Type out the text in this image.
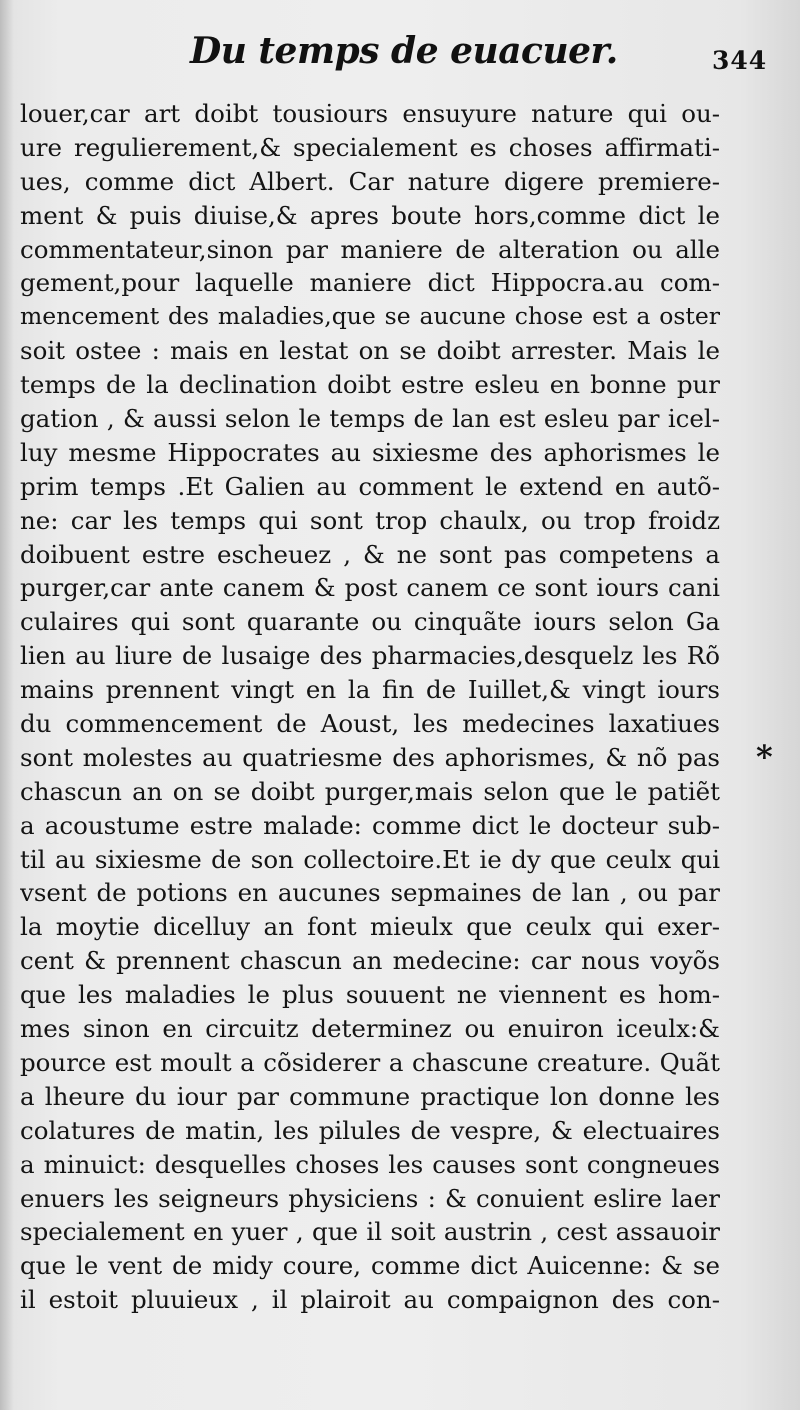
Du temps de euacuer.	344
louer,car art doibt tousiours ensuyure nature qui ou-
ure regulierement,& specialement es choses affirmati-
ues, comme dict Albert. Car nature digere premiere-
ment & puis diuise,& apres boute hors,comme dict le
commentateur,sinon par maniere de alteration ou alle
gement,pour laquelle maniere dict Hippocra.au com-
mencement des maladies,que se aucune chose est a oster
soit ostee : mais en lestat on se doibt arrester. Mais le
temps de la declination doibt estre esleu en bonne pur
gation , & aussi selon le temps de lan est esleu par icel-
luy mesme Hippocrates au sixiesme des aphorismes le
prim temps .Et Galien au comment le extend en autõ-
ne: car les temps qui sont trop chaulx, ou trop froidz
doibuent estre escheuez , & ne sont pas competens a
purger,car ante canem & post canem ce sont iours cani
culaires qui sont quarante ou cinquãte iours selon Ga
lien au liure de lusaige des pharmacies,desquelz les Rõ
mains prennent vingt en la fin de Iuillet,& vingt iours
du commencement de Aoust, les medecines laxatiues
sont molestes au quatriesme des aphorismes, & nõ pas
chascun an on se doibt purger,mais selon que le patiẽt
a acoustume estre malade: comme dict le docteur sub-
til au sixiesme de son collectoire.Et ie dy que ceulx qui
vsent de potions en aucunes sepmaines de lan , ou par
la moytie dicelluy an font mieulx que ceulx qui exer-
cent & prennent chascun an medecine: car nous voyõs
que les maladies le plus souuent ne viennent es hom-
mes sinon en circuitz determinez ou enuiron iceulx:&
pource est moult a cõsiderer a chascune creature. Quãt
a lheure du iour par commune practique lon donne les
colatures de matin, les pilules de vespre, & electuaires
a minuict: desquelles choses les causes sont congneues
enuers les seigneurs physiciens : & conuient eslire laer
specialement en yuer , que il soit austrin , cest assauoir
que le vent de midy coure, comme dict Auicenne: & se
il estoit pluuieux , il plairoit au compaignon des con-
*
